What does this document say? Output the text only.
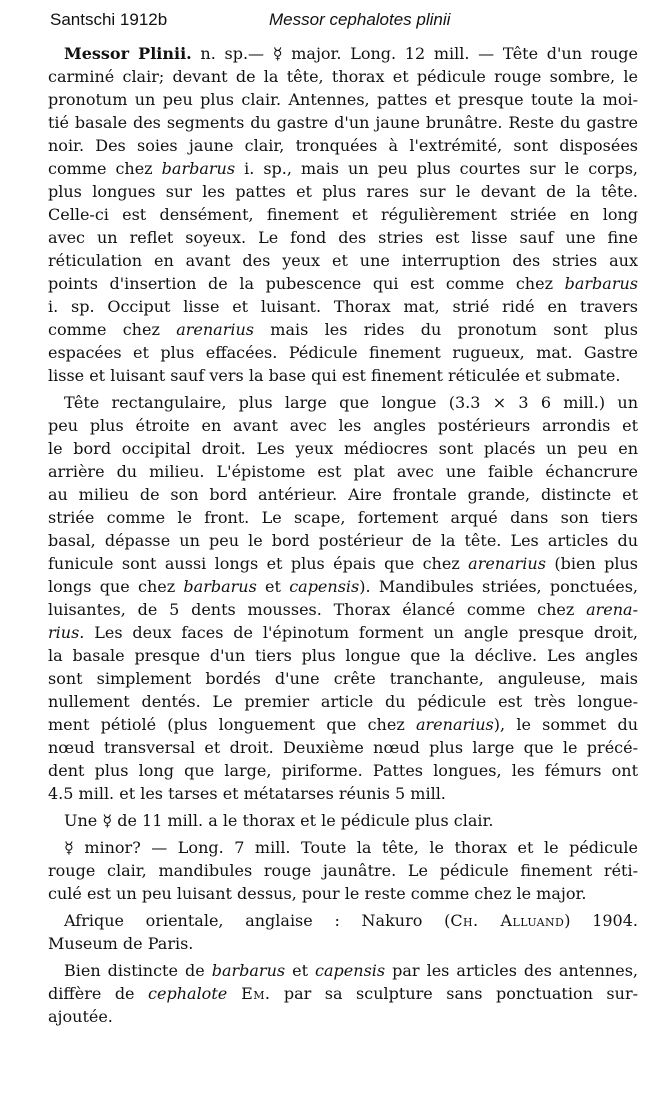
Santschi 1912b	Messor cephalotes plinii
Messor Plinii. n. sp.— ☿ major. Long. 12 mill. — Tête d'un rouge
carminé clair; devant de la tête, thorax et pédicule rouge sombre, le
pronotum un peu plus clair. Antennes, pattes et presque toute la moi-
tié basale des segments du gastre d'un jaune brunâtre. Reste du gastre
noir. Des soies jaune clair, tronquées à l'extrémité, sont disposées
comme chez barbarus i. sp., mais un peu plus courtes sur le corps,
plus longues sur les pattes et plus rares sur le devant de la tête.
Celle-ci est densément, finement et régulièrement striée en long
avec un reflet soyeux. Le fond des stries est lisse sauf une fine
réticulation en avant des yeux et une interruption des stries aux
points d'insertion de la pubescence qui est comme chez barbarus
i. sp. Occiput lisse et luisant. Thorax mat, strié ridé en travers
comme chez arenarius mais les rides du pronotum sont plus
espacées et plus effacées. Pédicule finement rugueux, mat. Gastre
lisse et luisant sauf vers la base qui est finement réticulée et submate.
Tête rectangulaire, plus large que longue (3.3 × 3 6 mill.) un
peu plus étroite en avant avec les angles postérieurs arrondis et
le bord occipital droit. Les yeux médiocres sont placés un peu en
arrière du milieu. L'épistome est plat avec une faible échancrure
au milieu de son bord antérieur. Aire frontale grande, distincte et
striée comme le front. Le scape, fortement arqué dans son tiers
basal, dépasse un peu le bord postérieur de la tête. Les articles du
funicule sont aussi longs et plus épais que chez arenarius (bien plus
longs que chez barbarus et capensis). Mandibules striées, ponctuées,
luisantes, de 5 dents mousses. Thorax élancé comme chez arena-
rius. Les deux faces de l'épinotum forment un angle presque droit,
la basale presque d'un tiers plus longue que la déclive. Les angles
sont simplement bordés d'une crête tranchante, anguleuse, mais
nullement dentés. Le premier article du pédicule est très longue-
ment pétiolé (plus longuement que chez arenarius), le sommet du
nœud transversal et droit. Deuxième nœud plus large que le précé-
dent plus long que large, piriforme. Pattes longues, les fémurs ont
4.5 mill. et les tarses et métatarses réunis 5 mill.
Une ☿ de 11 mill. a le thorax et le pédicule plus clair.
☿ minor? — Long. 7 mill. Toute la tête, le thorax et le pédicule
rouge clair, mandibules rouge jaunâtre. Le pédicule finement réti-
culé est un peu luisant dessus, pour le reste comme chez le major.
Afrique orientale, anglaise : Nakuro (Ch. Alluand) 1904.
Museum de Paris.
Bien distincte de barbarus et capensis par les articles des antennes,
diffère de cephalote Em. par sa sculpture sans ponctuation sur-
ajoutée.
